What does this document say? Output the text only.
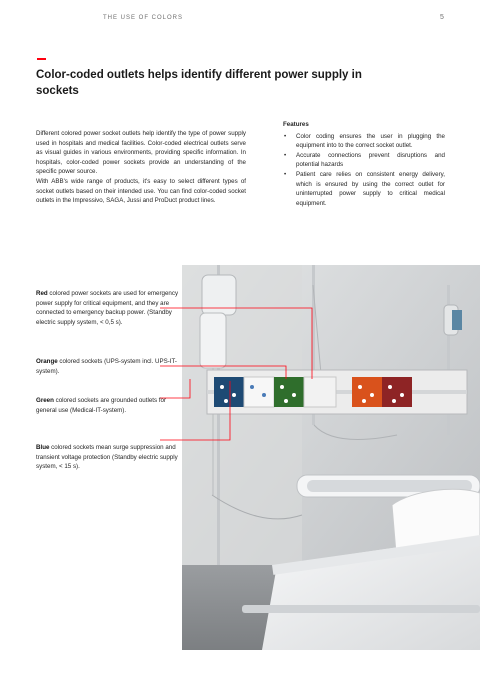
THE USE OF COLORS	5
Color-coded outlets helps identify different power supply in sockets

Different colored power socket outlets help identify the type of power supply used in hospitals and medical facilities. Color-coded electrical outlets serve as visual guides in various environments, providing specific information. In hospitals, color-coded power sockets provide an understanding of the specific power source.

With ABB's wide range of products, it's easy to select different types of socket outlets based on their intended use. You can find color-coded socket outlets in the Impressivo, SAGA, Jussi and ProDuct product lines.

Features
• Color coding ensures the user in plugging the equipment into to the correct socket outlet.
• Accurate connections prevent disruptions and potential hazards
• Patient care relies on consistent energy delivery, which is ensured by using the correct outlet for uninterrupted power supply to critical medical equipment.
Red colored power sockets are used for emergency power supply for critical equipment, and they are connected to emergency backup power. (Standby electric supply system, < 0,5 s).
Orange colored sockets (UPS-system incl. UPS-IT-system).
Green colored sockets are grounded outlets for general use (Medical-IT-system).
Blue colored sockets mean surge suppression and transient voltage protection (Standby electric supply system, < 15 s).
